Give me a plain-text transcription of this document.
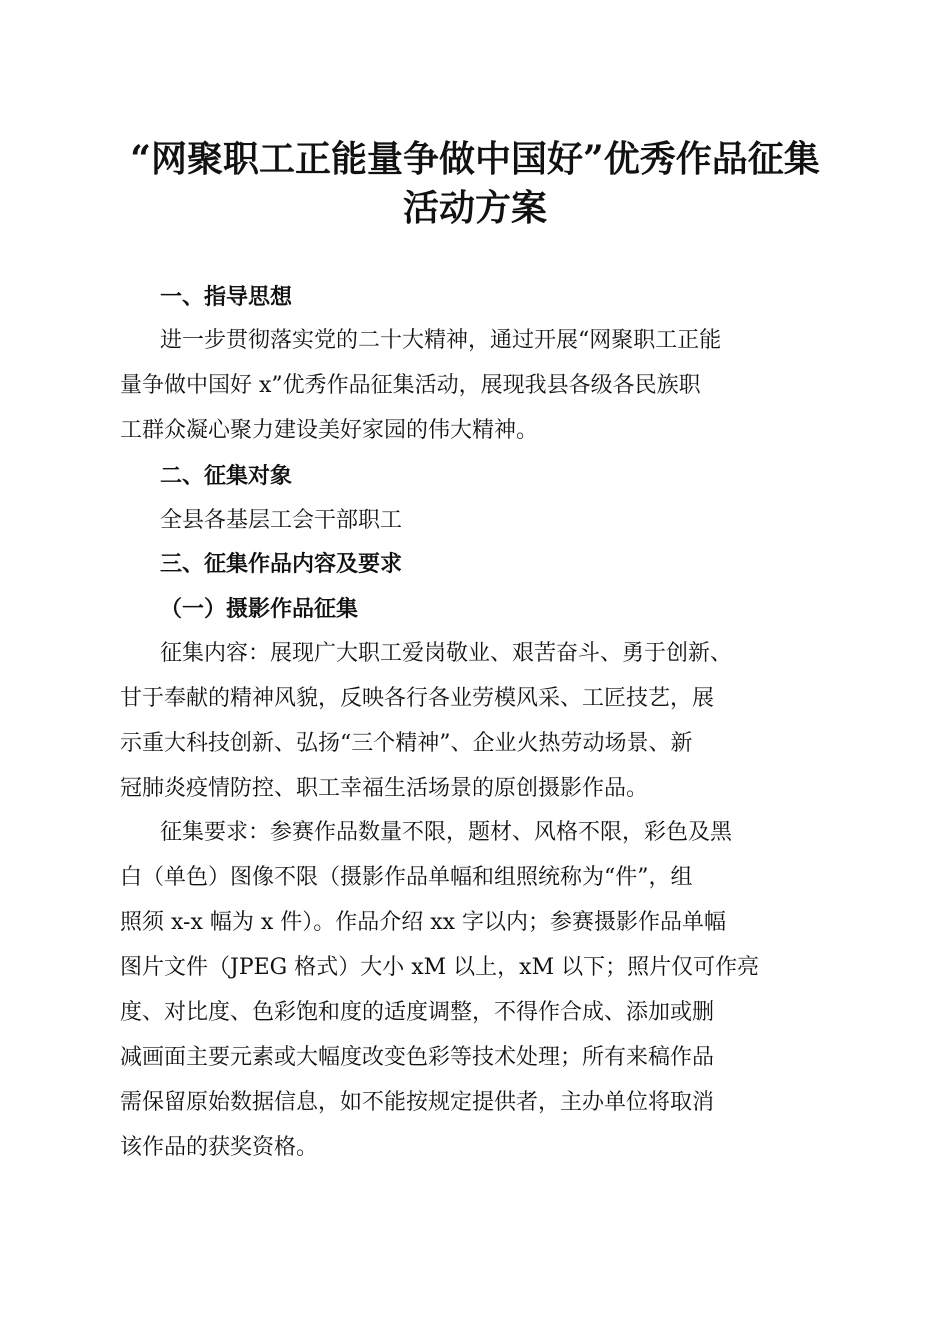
“网聚职工正能量争做中国好”优秀作品征集
活动方案
一、指导思想

进一步贯彻落实党的二十大精神，通过开展“网聚职工正能

量争做中国好 x”优秀作品征集活动，展现我县各级各民族职

工群众凝心聚力建设美好家园的伟大精神。

二、征集对象

全县各基层工会干部职工

三、征集作品内容及要求
（一）摄影作品征集

征集内容：展现广大职工爱岗敬业、艰苦奋斗、勇于创新、

甘于奉献的精神风貌，反映各行各业劳模风采、工匠技艺，展

示重大科技创新、弘扬“三个精神”、企业火热劳动场景、新

冠肺炎疫情防控、职工幸福生活场景的原创摄影作品。

征集要求：参赛作品数量不限，题材、风格不限，彩色及黑

白（单色）图像不限（摄影作品单幅和组照统称为“件”，组

照须 x-x 幅为 x 件）。作品介绍 xx 字以内；参赛摄影作品单幅

图片文件（JPEG 格式）大小 xM 以上，xM 以下；照片仅可作亮

度、对比度、色彩饱和度的适度调整，不得作合成、添加或删

减画面主要元素或大幅度改变色彩等技术处理；所有来稿作品

需保留原始数据信息，如不能按规定提供者，主办单位将取消

该作品的获奖资格。
